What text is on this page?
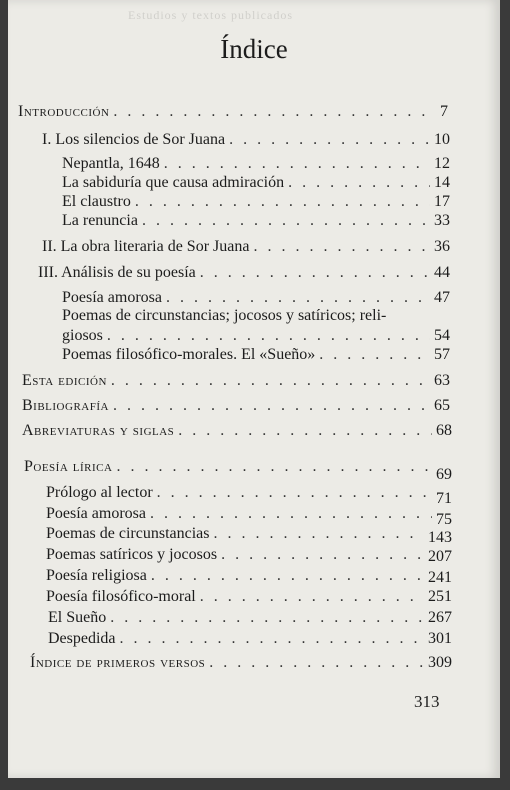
Estudios y textos publicados
Índice
Introducción . . .	7
I. Los silencios de Sor Juana . . .	10
Nepantla, 1648 . . .	12
La sabiduría que causa admiración . . .	14
El claustro . . .	17
La renuncia . . .	33
II. La obra literaria de Sor Juana . . .	36
III. Análisis de su poesía . . .	44
Poesía amorosa . . .	47
Poemas de circunstancias; jocosos y satíricos; reli-
giosos . . .	54
Poemas filosófico-morales. El «Sueño» . . .	57
Esta edición . . .	63
Bibliografía . . .	65
Abreviaturas y siglas . . .	68
Poesía lírica . . .	69
Prólogo al lector . . .	71
Poesía amorosa . . .	75
Poemas de circunstancias . . .	143
Poemas satíricos y jocosos . . .	207
Poesía religiosa . . .	241
Poesía filosófico-moral . . .	251
El Sueño . . .	267
Despedida . . .	301
Índice de primeros versos . . .	309
313
